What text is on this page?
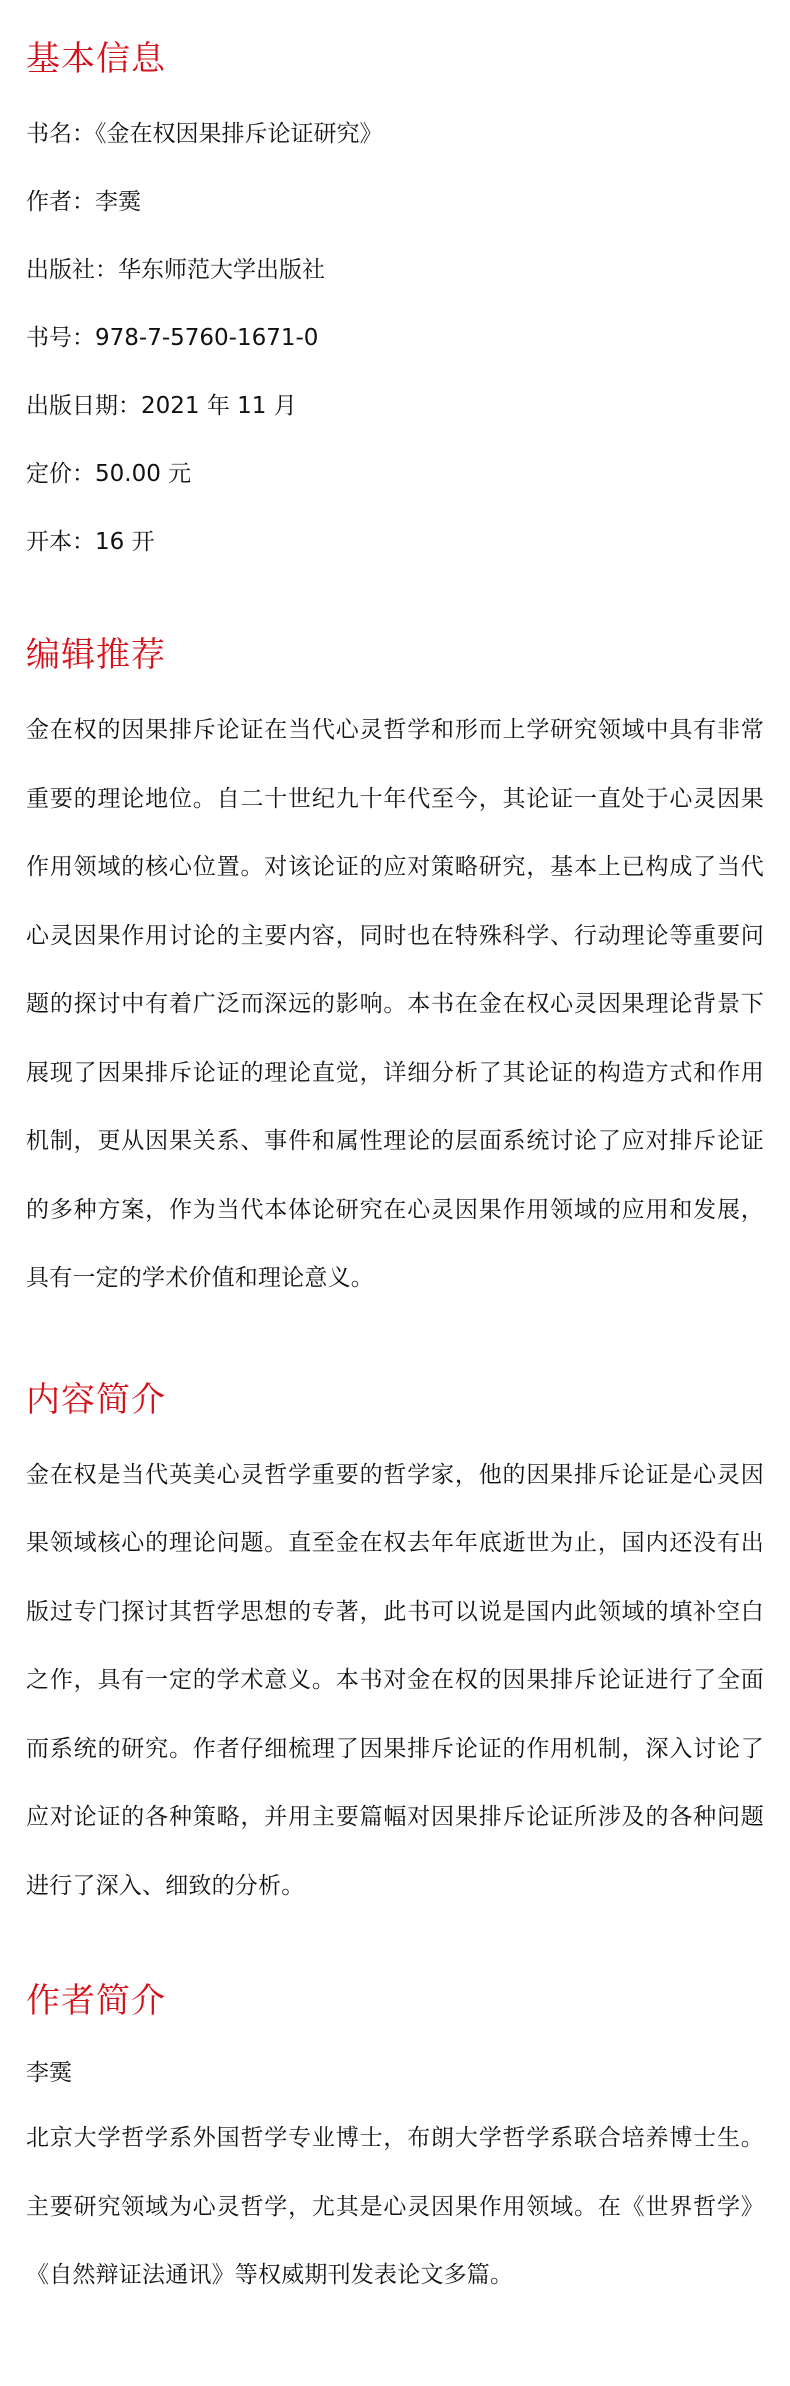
基本信息

书名：《金在权因果排斥论证研究》

作者：李霙

出版社：华东师范大学出版社

书号：978-7-5760-1671-0

出版日期：2021 年 11 月

定价：50.00 元

开本：16 开

编辑推荐

金在权的因果排斥论证在当代心灵哲学和形而上学研究领域中具有非常重要的理论地位。自二十世纪九十年代至今，其论证一直处于心灵因果作用领域的核心位置。对该论证的应对策略研究，基本上已构成了当代心灵因果作用讨论的主要内容，同时也在特殊科学、行动理论等重要问题的探讨中有着广泛而深远的影响。本书在金在权心灵因果理论背景下展现了因果排斥论证的理论直觉，详细分析了其论证的构造方式和作用机制，更从因果关系、事件和属性理论的层面系统讨论了应对排斥论证的多种方案，作为当代本体论研究在心灵因果作用领域的应用和发展，具有一定的学术价值和理论意义。

内容简介

金在权是当代英美心灵哲学重要的哲学家，他的因果排斥论证是心灵因果领域核心的理论问题。直至金在权去年年底逝世为止，国内还没有出版过专门探讨其哲学思想的专著，此书可以说是国内此领域的填补空白之作，具有一定的学术意义。本书对金在权的因果排斥论证进行了全面而系统的研究。作者仔细梳理了因果排斥论证的作用机制，深入讨论了应对论证的各种策略，并用主要篇幅对因果排斥论证所涉及的各种问题进行了深入、细致的分析。

作者简介

李霙

北京大学哲学系外国哲学专业博士，布朗大学哲学系联合培养博士生。主要研究领域为心灵哲学，尤其是心灵因果作用领域。在《世界哲学》《自然辩证法通讯》等权威期刊发表论文多篇。
